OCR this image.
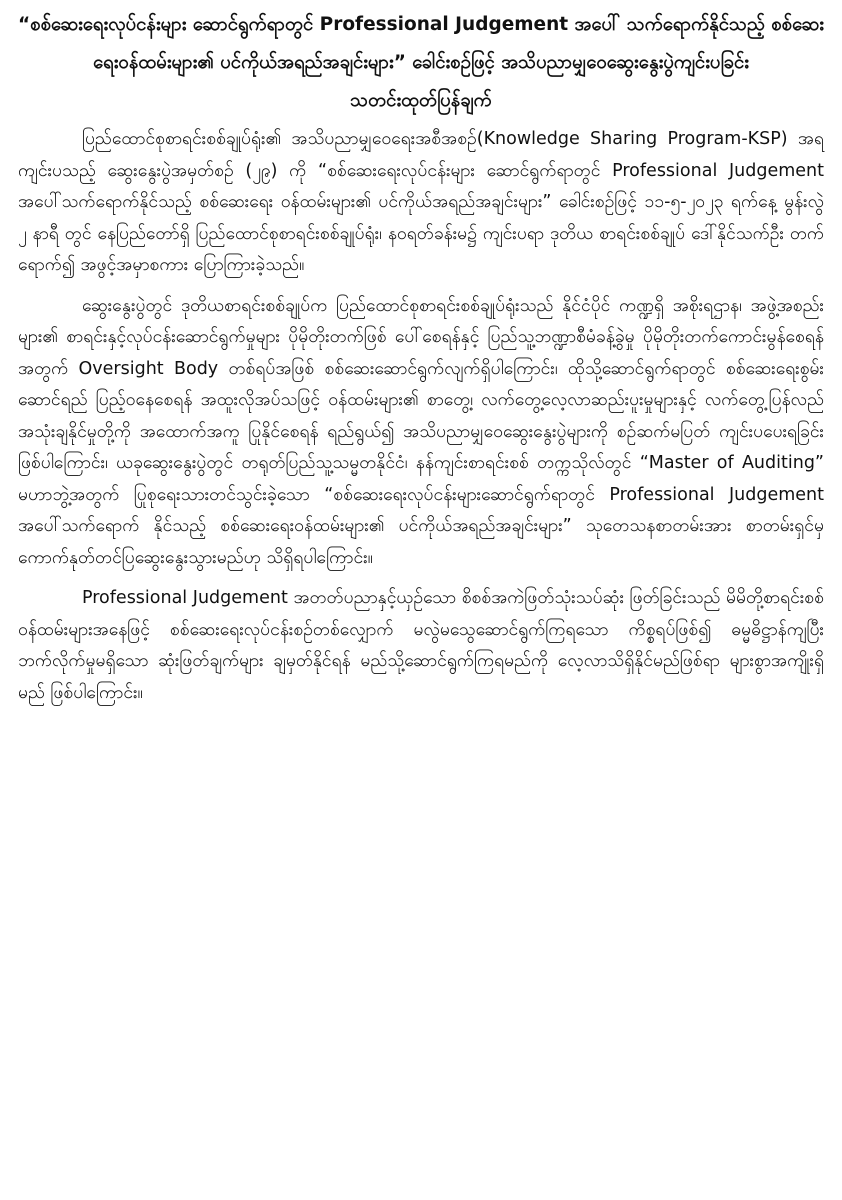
“စစ်ဆေးရေးလုပ်ငန်းများ ဆောင်ရွက်ရာတွင် Professional Judgement အပေါ် သက်ရောက်နိုင်သည့် စစ်ဆေးရေးဝန်ထမ်းများ၏ ပင်ကိုယ်အရည်အချင်းများ” ခေါင်းစဉ်ဖြင့် အသိပညာမျှဝေဆွေးနွေးပွဲကျင်းပခြင်း
သတင်းထုတ်ပြန်ချက်

ပြည်ထောင်စုစာရင်းစစ်ချုပ်ရုံး၏ အသိပညာမျှဝေရေးအစီအစဉ်(Knowledge Sharing Program-KSP) အရ ကျင်းပသည့် ဆွေးနွေးပွဲအမှတ်စဉ် (၂၉) ကို “စစ်ဆေးရေးလုပ်ငန်းများ ဆောင်ရွက်ရာတွင် Professional Judgement အပေါ်သက်ရောက်နိုင်သည့် စစ်ဆေးရေး ဝန်ထမ်းများ၏ ပင်ကိုယ်အရည်အချင်းများ” ခေါင်းစဉ်ဖြင့် ၁၁-၅-၂၀၂၃ ရက်နေ့ မွန်းလွဲ ၂ နာရီ တွင် နေပြည်တော်ရှိ ပြည်ထောင်စုစာရင်းစစ်ချုပ်ရုံး၊ နဝရတ်ခန်းမ၌ ကျင်းပရာ ဒုတိယ စာရင်းစစ်ချုပ် ဒေါ်နိုင်သက်ဦး တက်ရောက်၍ အဖွင့်အမှာစကား ပြောကြားခဲ့သည်။

ဆွေးနွေးပွဲတွင် ဒုတိယစာရင်းစစ်ချုပ်က ပြည်ထောင်စုစာရင်းစစ်ချုပ်ရုံးသည် နိုင်ငံပိုင် ကဏ္ဍရှိ အစိုးရဌာန၊ အဖွဲ့အစည်းများ၏ စာရင်းနှင့်လုပ်ငန်းဆောင်ရွက်မှုများ ပိုမိုတိုးတက်ဖြစ် ပေါ်စေရန်နှင့် ပြည်သူ့ဘဏ္ဍာစီမံခန့်ခွဲမှု ပိုမိုတိုးတက်ကောင်းမွန်စေရန်အတွက် Oversight Body တစ်ရပ်အဖြစ် စစ်ဆေးဆောင်ရွက်လျက်ရှိပါကြောင်း၊ ထိုသို့ဆောင်ရွက်ရာတွင် စစ်ဆေးရေးစွမ်းဆောင်ရည် ပြည့်ဝနေစေရန် အထူးလိုအပ်သဖြင့် ဝန်ထမ်းများ၏ စာတွေ့၊ လက်တွေ့လေ့လာဆည်းပူးမှုများနှင့် လက်တွေ့ပြန်လည်အသုံးချနိုင်မှုတို့ကို အထောက်အကူ ပြုနိုင်စေရန် ရည်ရွယ်၍ အသိပညာမျှဝေဆွေးနွေးပွဲများကို စဉ်ဆက်မပြတ် ကျင်းပပေးရခြင်း ဖြစ်ပါကြောင်း၊ ယခုဆွေးနွေးပွဲတွင် တရုတ်ပြည်သူ့သမ္မတနိုင်ငံ၊ နန်ကျင်းစာရင်းစစ် တက္ကသိုလ်တွင် “Master of Auditing” မဟာဘွဲ့အတွက် ပြုစုရေးသားတင်သွင်းခဲ့သော “စစ်ဆေးရေးလုပ်ငန်းများဆောင်ရွက်ရာတွင် Professional Judgement အပေါ်သက်ရောက် နိုင်သည့် စစ်ဆေးရေးဝန်ထမ်းများ၏ ပင်ကိုယ်အရည်အချင်းများ” သုတေသနစာတမ်းအား စာတမ်းရှင်မှ ကောက်နုတ်တင်ပြဆွေးနွေးသွားမည်ဟု သိရှိရပါကြောင်း။

Professional Judgement အတတ်ပညာနှင့်ယှဉ်သော စိစစ်အကဲဖြတ်သုံးသပ်ဆုံး ဖြတ်ခြင်းသည် မိမိတို့စာရင်းစစ်ဝန်ထမ်းများအနေဖြင့် စစ်ဆေးရေးလုပ်ငန်းစဉ်တစ်လျှောက် မလွဲမသွေဆောင်ရွက်ကြရသော ကိစ္စရပ်ဖြစ်၍ ဓမ္မဓိဋ္ဌာန်ကျပြီး ဘက်လိုက်မှုမရှိသော ဆုံးဖြတ်ချက်များ ချမှတ်နိုင်ရန် မည်သို့ဆောင်ရွက်ကြရမည်ကို လေ့လာသိရှိနိုင်မည်ဖြစ်ရာ များစွာအကျိုးရှိမည် ဖြစ်ပါကြောင်း။
